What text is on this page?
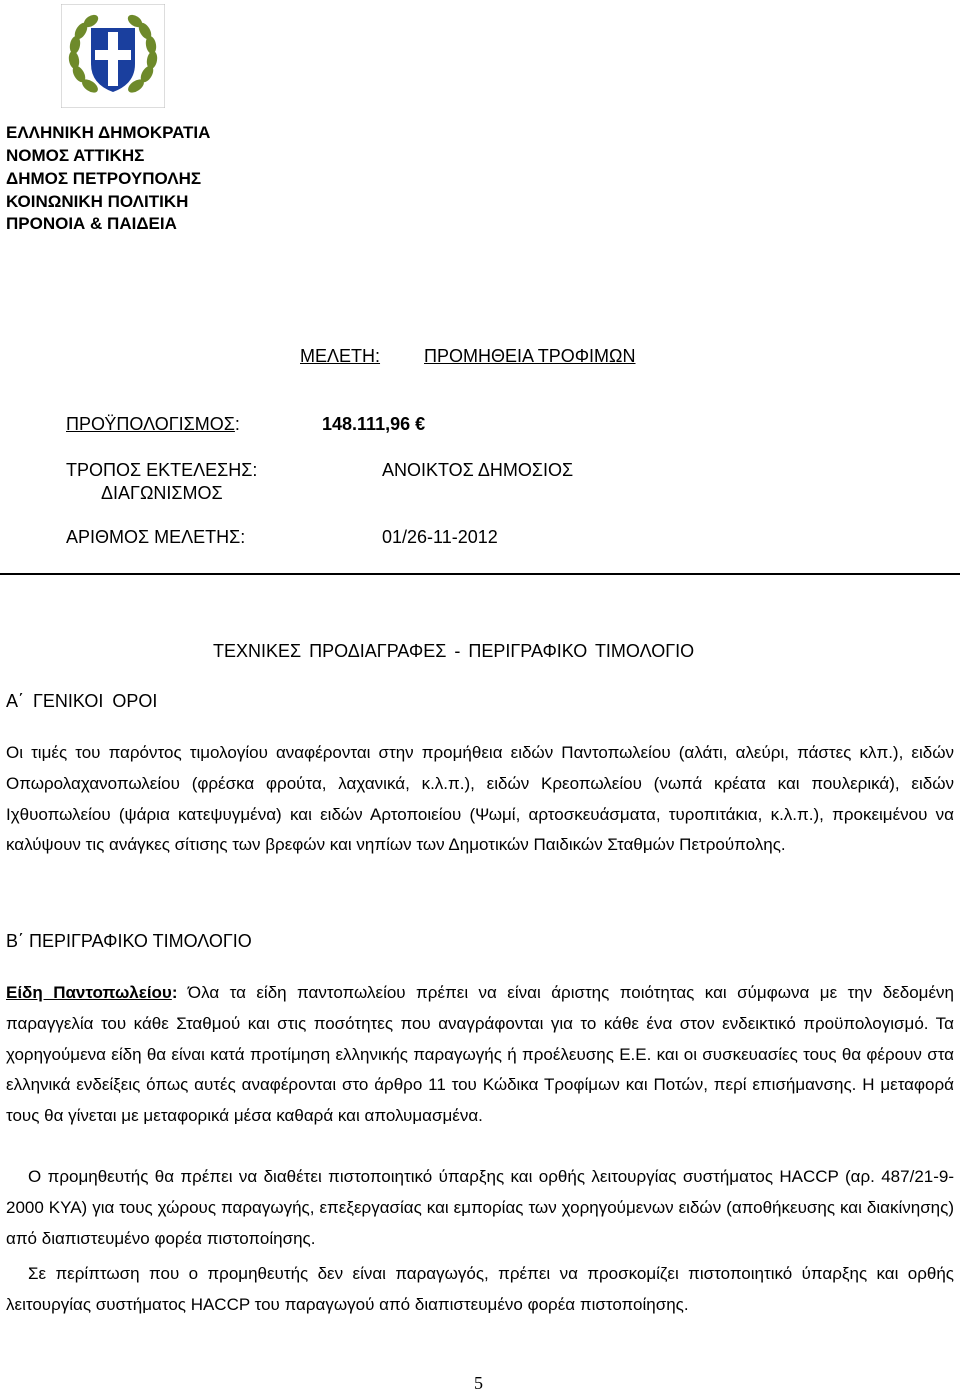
ΕΛΛΗΝΙΚΗ ΔΗΜΟΚΡΑΤΙΑ
ΝΟΜΟΣ ΑΤΤΙΚΗΣ
ΔΗΜΟΣ ΠΕΤΡΟΥΠΟΛΗΣ
ΚΟΙΝΩΝΙΚΗ ΠΟΛΙΤΙΚΗ
ΠΡΟΝΟΙΑ & ΠΑΙΔΕΙΑ
ΜΕΛΕΤΗ: ΠΡΟΜΗΘΕΙΑ ΤΡΟΦΙΜΩΝ
ΠΡΟΫΠΟΛΟΓΙΣΜΟΣ:	148.111,96 €
ΤΡΟΠΟΣ ΕΚΤΕΛΕΣΗΣ:
ΔΙΑΓΩΝΙΣΜΟΣ
ΑΝΟΙΚΤΟΣ ΔΗΜΟΣΙΟΣ
ΑΡΙΘΜΟΣ ΜΕΛΕΤΗΣ:	01/26-11-2012
ΤΕΧΝΙΚΕΣ ΠΡΟΔΙΑΓΡΑΦΕΣ - ΠΕΡΙΓΡΑΦΙΚΟ ΤΙΜΟΛΟΓΙΟ
Α΄ ΓΕΝΙΚΟΙ ΟΡΟΙ
Οι τιμές του παρόντος τιμολογίου αναφέρονται στην προμήθεια ειδών Παντοπωλείου (αλάτι, αλεύρι, πάστες κλπ.), ειδών Οπωρολαχανοπωλείου (φρέσκα φρούτα, λαχανικά, κ.λ.π.), ειδών Κρεοπωλείου (νωπά κρέατα και πουλερικά), ειδών Ιχθυοπωλείου (ψάρια κατεψυγμένα) και ειδών Αρτοποιείου (Ψωμί, αρτοσκευάσματα, τυροπιτάκια, κ.λ.π.), προκειμένου να καλύψουν τις ανάγκες σίτισης των βρεφών και νηπίων των Δημοτικών Παιδικών Σταθμών Πετρούπολης.
Β΄ ΠΕΡΙΓΡΑΦΙΚΟ ΤΙΜΟΛΟΓΙΟ
Είδη Παντοπωλείου: Όλα τα είδη παντοπωλείου πρέπει να είναι άριστης ποιότητας και σύμφωνα με την δεδομένη παραγγελία του κάθε Σταθμού και στις ποσότητες που αναγράφονται για το κάθε ένα στον ενδεικτικό προϋπολογισμό. Τα χορηγούμενα είδη θα είναι κατά προτίμηση ελληνικής παραγωγής ή προέλευσης Ε.Ε. και οι συσκευασίες τους θα φέρουν στα ελληνικά ενδείξεις όπως αυτές αναφέρονται στο άρθρο 11 του Κώδικα Τροφίμων και Ποτών, περί επισήμανσης. Η μεταφορά τους θα γίνεται με μεταφορικά μέσα καθαρά και απολυμασμένα.
Ο προμηθευτής θα πρέπει να διαθέτει πιστοποιητικό ύπαρξης και ορθής λειτουργίας συστήματος HACCP (αρ. 487/21-9-2000 ΚΥΑ) για τους χώρους παραγωγής, επεξεργασίας και εμπορίας των χορηγούμενων ειδών (αποθήκευσης και διακίνησης) από διαπιστευμένο φορέα πιστοποίησης.
Σε περίπτωση που ο προμηθευτής δεν είναι παραγωγός, πρέπει να προσκομίζει πιστοποιητικό ύπαρξης και ορθής λειτουργίας συστήματος HACCP του παραγωγού από διαπιστευμένο φορέα πιστοποίησης.
5
